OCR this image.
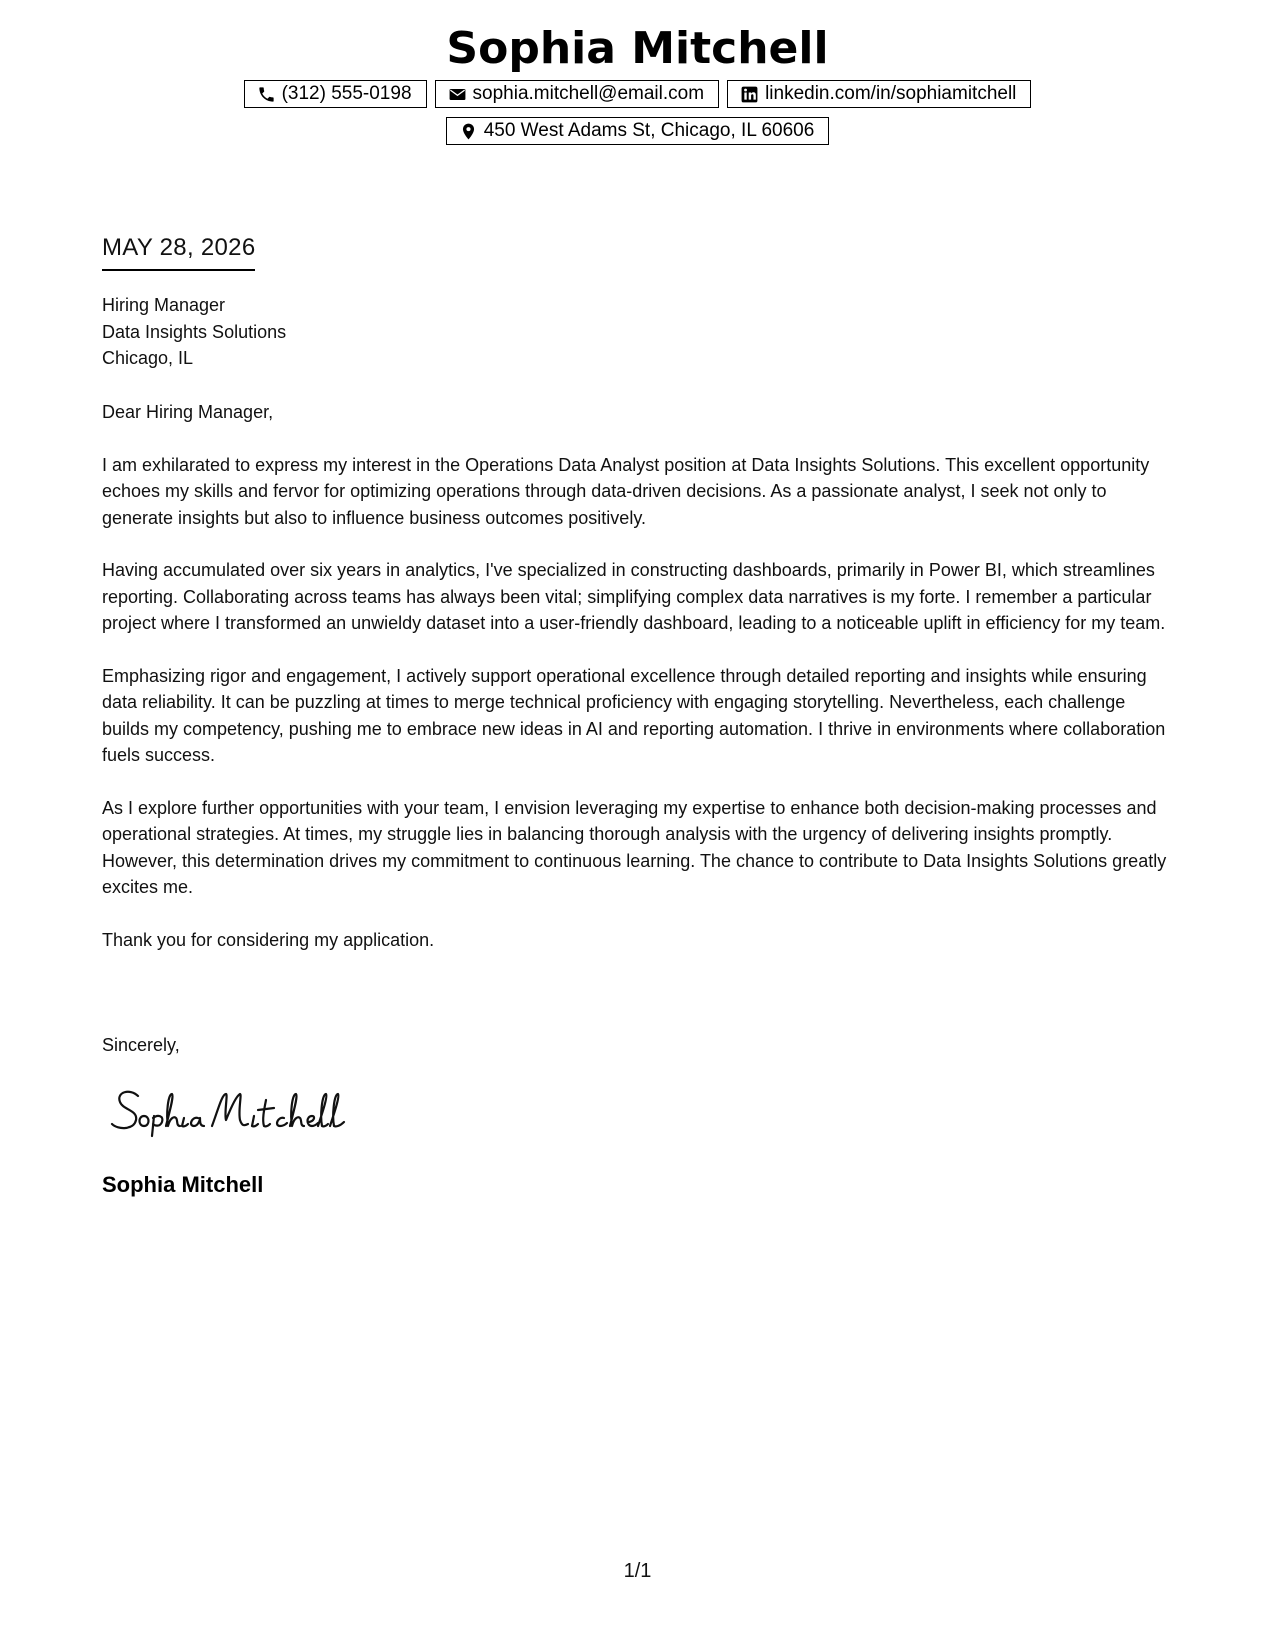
Sophia Mitchell
(312) 555-0198	sophia.mitchell@email.com	linkedin.com/in/sophiamitchell
450 West Adams St, Chicago, IL 60606
MAY 28, 2026
Hiring Manager
Data Insights Solutions
Chicago, IL

Dear Hiring Manager,

I am exhilarated to express my interest in the Operations Data Analyst position at Data Insights Solutions. This excellent opportunity echoes my skills and fervor for optimizing operations through data-driven decisions. As a passionate analyst, I seek not only to generate insights but also to influence business outcomes positively.

Having accumulated over six years in analytics, I've specialized in constructing dashboards, primarily in Power BI, which streamlines reporting. Collaborating across teams has always been vital; simplifying complex data narratives is my forte. I remember a particular project where I transformed an unwieldy dataset into a user-friendly dashboard, leading to a noticeable uplift in efficiency for my team.

Emphasizing rigor and engagement, I actively support operational excellence through detailed reporting and insights while ensuring data reliability. It can be puzzling at times to merge technical proficiency with engaging storytelling. Nevertheless, each challenge builds my competency, pushing me to embrace new ideas in AI and reporting automation. I thrive in environments where collaboration fuels success.

As I explore further opportunities with your team, I envision leveraging my expertise to enhance both decision-making processes and operational strategies. At times, my struggle lies in balancing thorough analysis with the urgency of delivering insights promptly. However, this determination drives my commitment to continuous learning. The chance to contribute to Data Insights Solutions greatly excites me.

Thank you for considering my application.

Sincerely,
Sophia Mitchell
1/1
